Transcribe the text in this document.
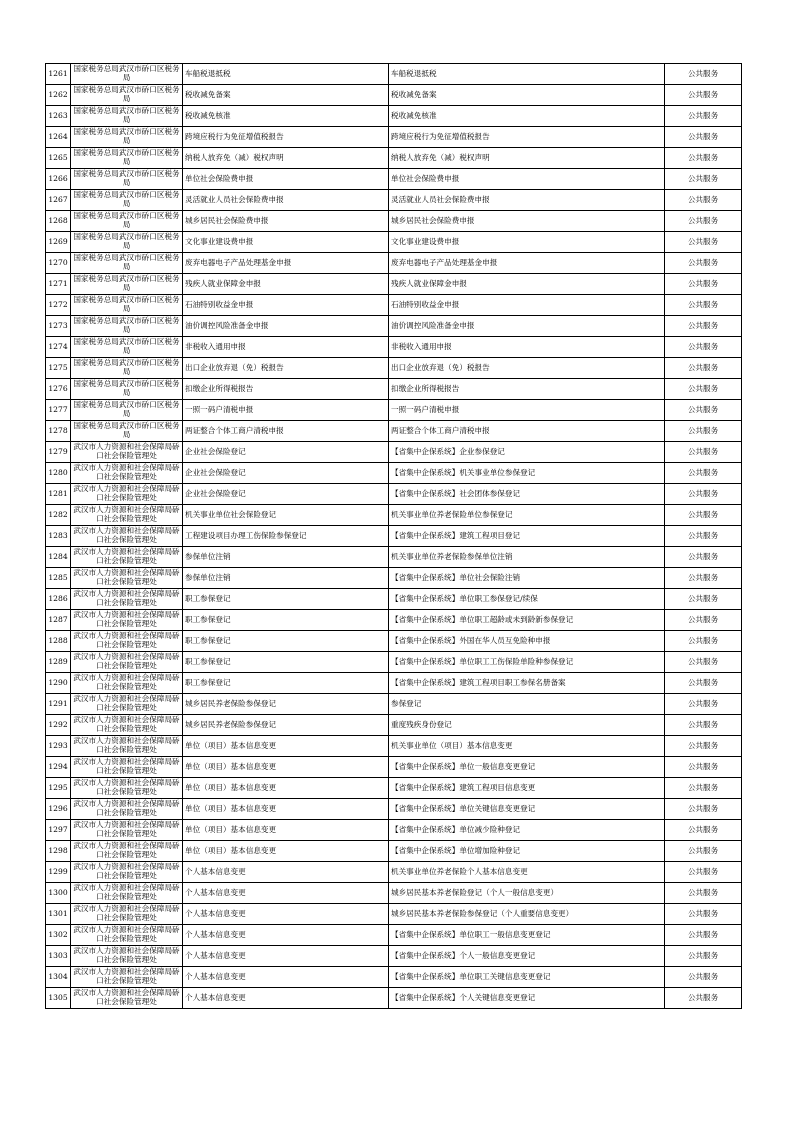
1261	国家税务总局武汉市硚口区税务局	车船税退抵税	车船税退抵税	公共服务
1262	国家税务总局武汉市硚口区税务局	税收减免备案	税收减免备案	公共服务
1263	国家税务总局武汉市硚口区税务局	税收减免核准	税收减免核准	公共服务
1264	国家税务总局武汉市硚口区税务局	跨境应税行为免征增值税报告	跨境应税行为免征增值税报告	公共服务
1265	国家税务总局武汉市硚口区税务局	纳税人放弃免（减）税权声明	纳税人放弃免（减）税权声明	公共服务
1266	国家税务总局武汉市硚口区税务局	单位社会保险费申报	单位社会保险费申报	公共服务
1267	国家税务总局武汉市硚口区税务局	灵活就业人员社会保险费申报	灵活就业人员社会保险费申报	公共服务
1268	国家税务总局武汉市硚口区税务局	城乡居民社会保险费申报	城乡居民社会保险费申报	公共服务
1269	国家税务总局武汉市硚口区税务局	文化事业建设费申报	文化事业建设费申报	公共服务
1270	国家税务总局武汉市硚口区税务局	废弃电器电子产品处理基金申报	废弃电器电子产品处理基金申报	公共服务
1271	国家税务总局武汉市硚口区税务局	残疾人就业保障金申报	残疾人就业保障金申报	公共服务
1272	国家税务总局武汉市硚口区税务局	石油特别收益金申报	石油特别收益金申报	公共服务
1273	国家税务总局武汉市硚口区税务局	油价调控风险准备金申报	油价调控风险准备金申报	公共服务
1274	国家税务总局武汉市硚口区税务局	非税收入通用申报	非税收入通用申报	公共服务
1275	国家税务总局武汉市硚口区税务局	出口企业放弃退（免）税报告	出口企业放弃退（免）税报告	公共服务
1276	国家税务总局武汉市硚口区税务局	扣缴企业所得税报告	扣缴企业所得税报告	公共服务
1277	国家税务总局武汉市硚口区税务局	一照一码户清税申报	一照一码户清税申报	公共服务
1278	国家税务总局武汉市硚口区税务局	两证整合个体工商户清税申报	两证整合个体工商户清税申报	公共服务
1279	武汉市人力资源和社会保障局硚口社会保险管理处	企业社会保险登记	【省集中企保系统】企业参保登记	公共服务
1280	武汉市人力资源和社会保障局硚口社会保险管理处	企业社会保险登记	【省集中企保系统】机关事业单位参保登记	公共服务
1281	武汉市人力资源和社会保障局硚口社会保险管理处	企业社会保险登记	【省集中企保系统】社会团体参保登记	公共服务
1282	武汉市人力资源和社会保障局硚口社会保险管理处	机关事业单位社会保险登记	机关事业单位养老保险单位参保登记	公共服务
1283	武汉市人力资源和社会保障局硚口社会保险管理处	工程建设项目办理工伤保险参保登记	【省集中企保系统】建筑工程项目登记	公共服务
1284	武汉市人力资源和社会保障局硚口社会保险管理处	参保单位注销	机关事业单位养老保险参保单位注销	公共服务
1285	武汉市人力资源和社会保障局硚口社会保险管理处	参保单位注销	【省集中企保系统】单位社会保险注销	公共服务
1286	武汉市人力资源和社会保障局硚口社会保险管理处	职工参保登记	【省集中企保系统】单位职工参保登记/续保	公共服务
1287	武汉市人力资源和社会保障局硚口社会保险管理处	职工参保登记	【省集中企保系统】单位职工超龄或未到龄新参保登记	公共服务
1288	武汉市人力资源和社会保障局硚口社会保险管理处	职工参保登记	【省集中企保系统】外国在华人员互免险种申报	公共服务
1289	武汉市人力资源和社会保障局硚口社会保险管理处	职工参保登记	【省集中企保系统】单位职工工伤保险单险种参保登记	公共服务
1290	武汉市人力资源和社会保障局硚口社会保险管理处	职工参保登记	【省集中企保系统】建筑工程项目职工参保名册备案	公共服务
1291	武汉市人力资源和社会保障局硚口社会保险管理处	城乡居民养老保险参保登记	参保登记	公共服务
1292	武汉市人力资源和社会保障局硚口社会保险管理处	城乡居民养老保险参保登记	重度残疾身份登记	公共服务
1293	武汉市人力资源和社会保障局硚口社会保险管理处	单位（项目）基本信息变更	机关事业单位（项目）基本信息变更	公共服务
1294	武汉市人力资源和社会保障局硚口社会保险管理处	单位（项目）基本信息变更	【省集中企保系统】单位一般信息变更登记	公共服务
1295	武汉市人力资源和社会保障局硚口社会保险管理处	单位（项目）基本信息变更	【省集中企保系统】建筑工程项目信息变更	公共服务
1296	武汉市人力资源和社会保障局硚口社会保险管理处	单位（项目）基本信息变更	【省集中企保系统】单位关键信息变更登记	公共服务
1297	武汉市人力资源和社会保障局硚口社会保险管理处	单位（项目）基本信息变更	【省集中企保系统】单位减少险种登记	公共服务
1298	武汉市人力资源和社会保障局硚口社会保险管理处	单位（项目）基本信息变更	【省集中企保系统】单位增加险种登记	公共服务
1299	武汉市人力资源和社会保障局硚口社会保险管理处	个人基本信息变更	机关事业单位养老保险个人基本信息变更	公共服务
1300	武汉市人力资源和社会保障局硚口社会保险管理处	个人基本信息变更	城乡居民基本养老保险登记（个人一般信息变更）	公共服务
1301	武汉市人力资源和社会保障局硚口社会保险管理处	个人基本信息变更	城乡居民基本养老保险参保登记（个人重要信息变更）	公共服务
1302	武汉市人力资源和社会保障局硚口社会保险管理处	个人基本信息变更	【省集中企保系统】单位职工一般信息变更登记	公共服务
1303	武汉市人力资源和社会保障局硚口社会保险管理处	个人基本信息变更	【省集中企保系统】个人一般信息变更登记	公共服务
1304	武汉市人力资源和社会保障局硚口社会保险管理处	个人基本信息变更	【省集中企保系统】单位职工关键信息变更登记	公共服务
1305	武汉市人力资源和社会保障局硚口社会保险管理处	个人基本信息变更	【省集中企保系统】个人关键信息变更登记	公共服务
